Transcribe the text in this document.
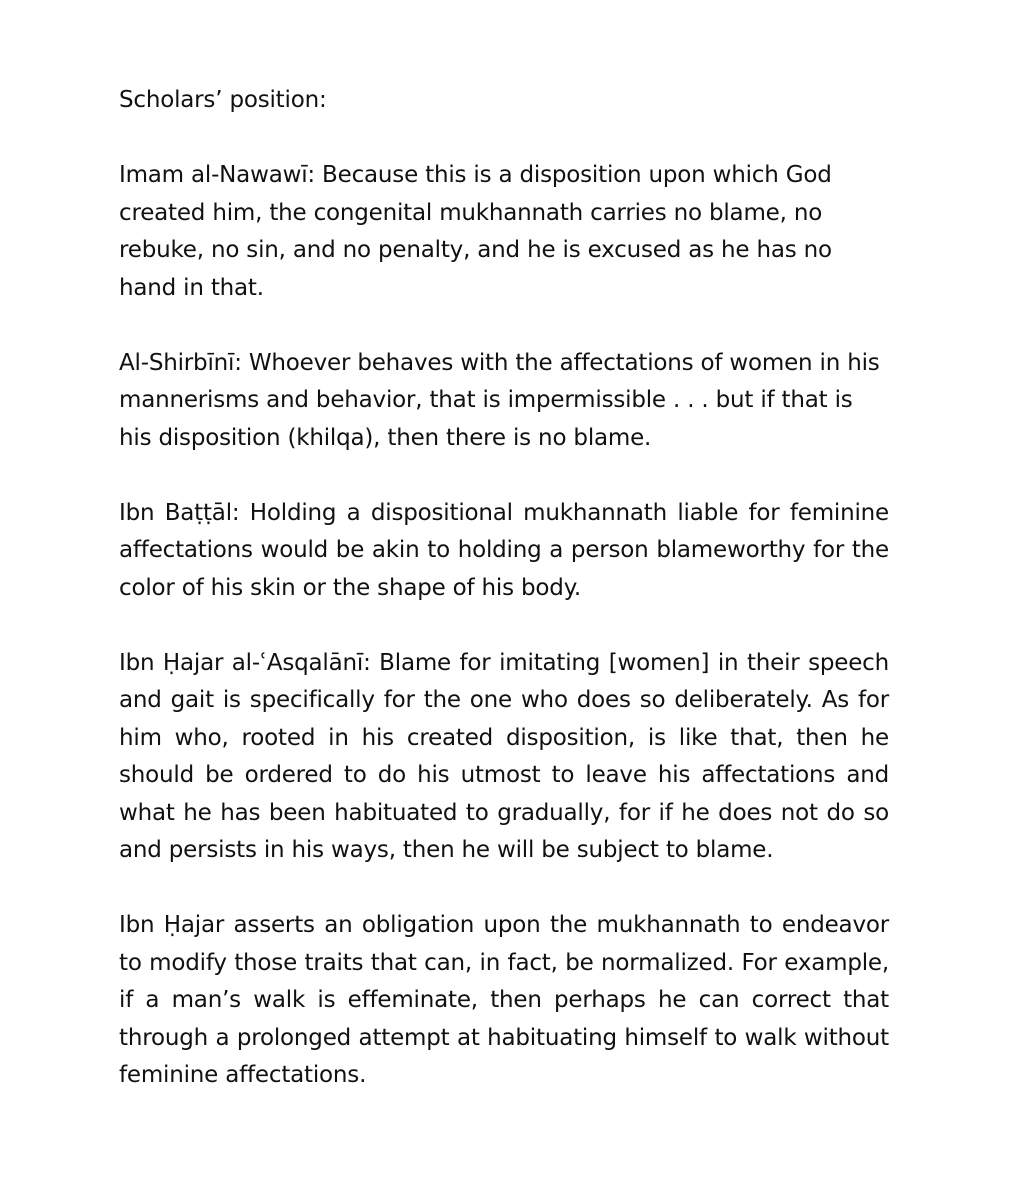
Scholars’ position:

Imam al-Nawawī: Because this is a disposition upon which God created him, the congenital mukhannath carries no blame, no rebuke, no sin, and no penalty, and he is excused as he has no hand in that.

Al-Shirbīnī: Whoever behaves with the affectations of women in his mannerisms and behavior, that is impermissible . . . but if that is his disposition (khilqa), then there is no blame.

Ibn Baṭṭāl: Holding a dispositional mukhannath liable for feminine affectations would be akin to holding a person blameworthy for the color of his skin or the shape of his body.

Ibn Ḥajar al-ʿAsqalānī: Blame for imitating [women] in their speech and gait is specifically for the one who does so deliberately. As for him who, rooted in his created disposition, is like that, then he should be ordered to do his utmost to leave his affectations and what he has been habituated to gradually, for if he does not do so and persists in his ways, then he will be subject to blame.

Ibn Ḥajar asserts an obligation upon the mukhannath to endeavor to modify those traits that can, in fact, be normalized. For example, if a man’s walk is effeminate, then perhaps he can correct that through a prolonged attempt at habituating himself to walk without feminine affectations.
